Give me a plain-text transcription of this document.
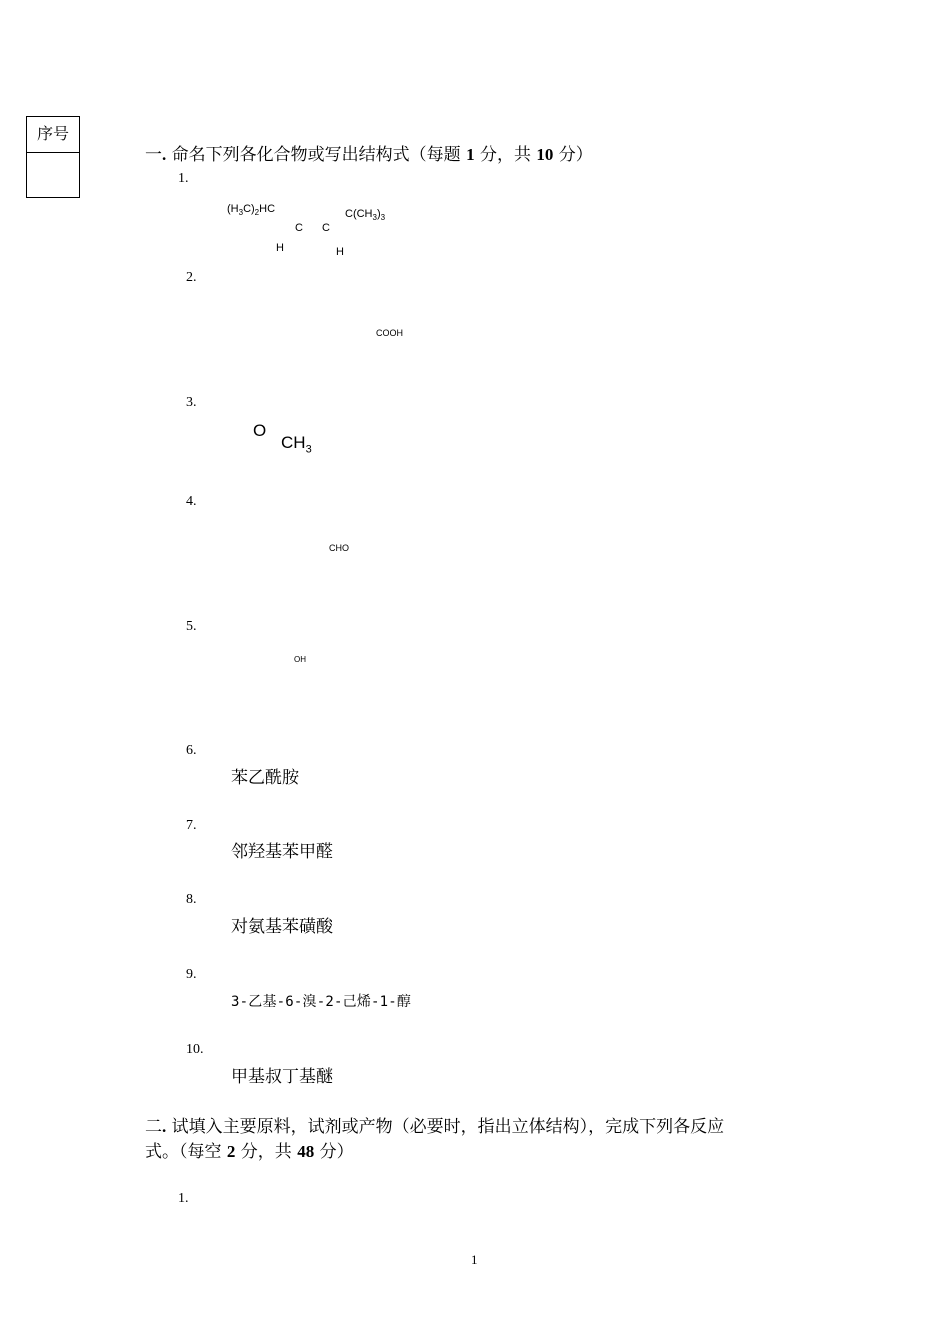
序号
一. 命名下列各化合物或写出结构式（每题 1 分，共 10 分）
1.
$(H_3C)_2HC$	$C(CH_3)_3$
C C
H	H
2.
COOH
3.
O
$CH_3$
4.
CHO
5.
OH
6.
苯乙酰胺
7.
邻羟基苯甲醛
8.
对氨基苯磺酸
9.
3-乙基-6-溴-2-己烯-1-醇
10.
甲基叔丁基醚
二. 试填入主要原料，试剂或产物（必要时，指出立体结构），完成下列各反应
式。（每空 2 分，共 48 分）
1.
1
